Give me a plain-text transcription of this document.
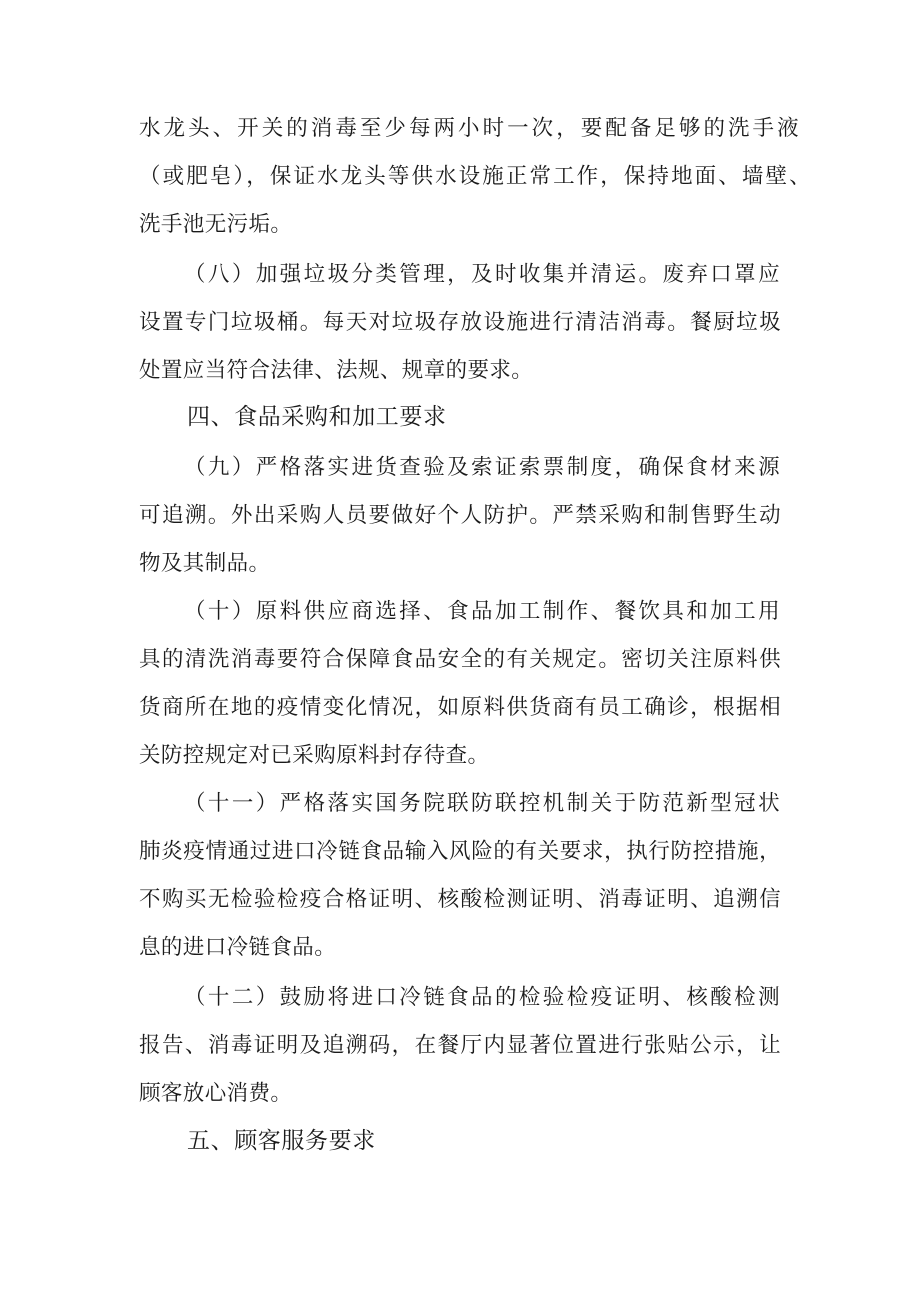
水龙头、开关的消毒至少每两小时一次，要配备足够的洗手液
（或肥皂），保证水龙头等供水设施正常工作，保持地面、墙壁、
洗手池无污垢。
（八）加强垃圾分类管理，及时收集并清运。废弃口罩应
设置专门垃圾桶。每天对垃圾存放设施进行清洁消毒。餐厨垃圾
处置应当符合法律、法规、规章的要求。
四、食品采购和加工要求
（九）严格落实进货查验及索证索票制度，确保食材来源
可追溯。外出采购人员要做好个人防护。严禁采购和制售野生动
物及其制品。
（十）原料供应商选择、食品加工制作、餐饮具和加工用
具的清洗消毒要符合保障食品安全的有关规定。密切关注原料供
货商所在地的疫情变化情况，如原料供货商有员工确诊，根据相
关防控规定对已采购原料封存待查。
（十一）严格落实国务院联防联控机制关于防范新型冠状
肺炎疫情通过进口冷链食品输入风险的有关要求，执行防控措施，
不购买无检验检疫合格证明、核酸检测证明、消毒证明、追溯信
息的进口冷链食品。
（十二）鼓励将进口冷链食品的检验检疫证明、核酸检测
报告、消毒证明及追溯码，在餐厅内显著位置进行张贴公示，让
顾客放心消费。
五、顾客服务要求
